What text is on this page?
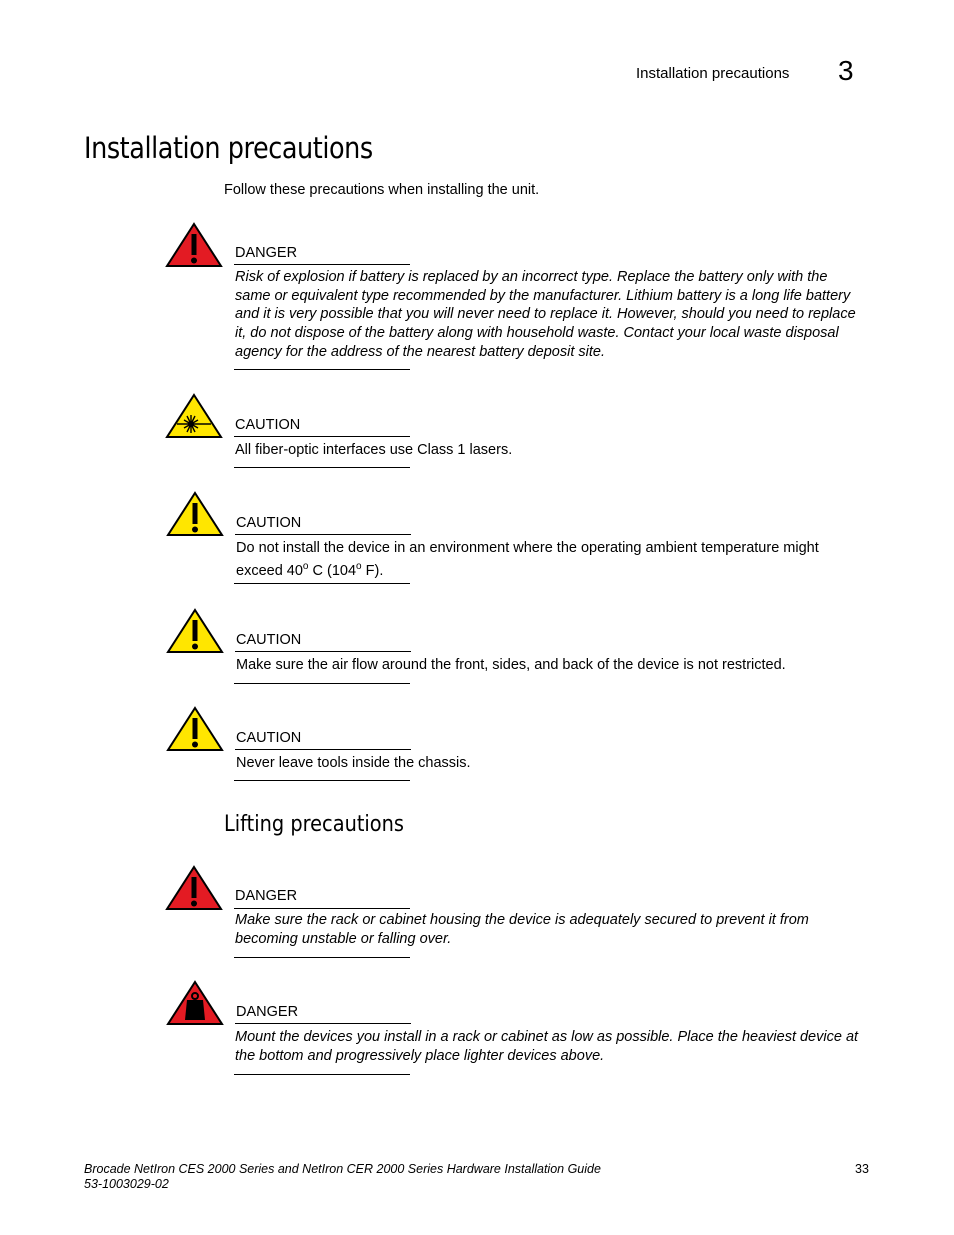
Installation precautions 3
Installation precautions
Follow these precautions when installing the unit.
DANGER
Risk of explosion if battery is replaced by an incorrect type. Replace the battery only with the
same or equivalent type recommended by the manufacturer. Lithium battery is a long life battery
and it is very possible that you will never need to replace it. However, should you need to replace
it, do not dispose of the battery along with household waste. Contact your local waste disposal
agency for the address of the nearest battery deposit site.
CAUTION
All fiber-optic interfaces use Class 1 lasers.
CAUTION
Do not install the device in an environment where the operating ambient temperature might
exceed 40$^o$ C (104$^o$ F).
CAUTION
Make sure the air flow around the front, sides, and back of the device is not restricted.
CAUTION
Never leave tools inside the chassis.
Lifting precautions
DANGER
Make sure the rack or cabinet housing the device is adequately secured to prevent it from
becoming unstable or falling over.
DANGER
Mount the devices you install in a rack or cabinet as low as possible. Place the heaviest device at
the bottom and progressively place lighter devices above.
Brocade NetIron CES 2000 Series and NetIron CER 2000 Series Hardware Installation Guide
53-1003029-02
33
